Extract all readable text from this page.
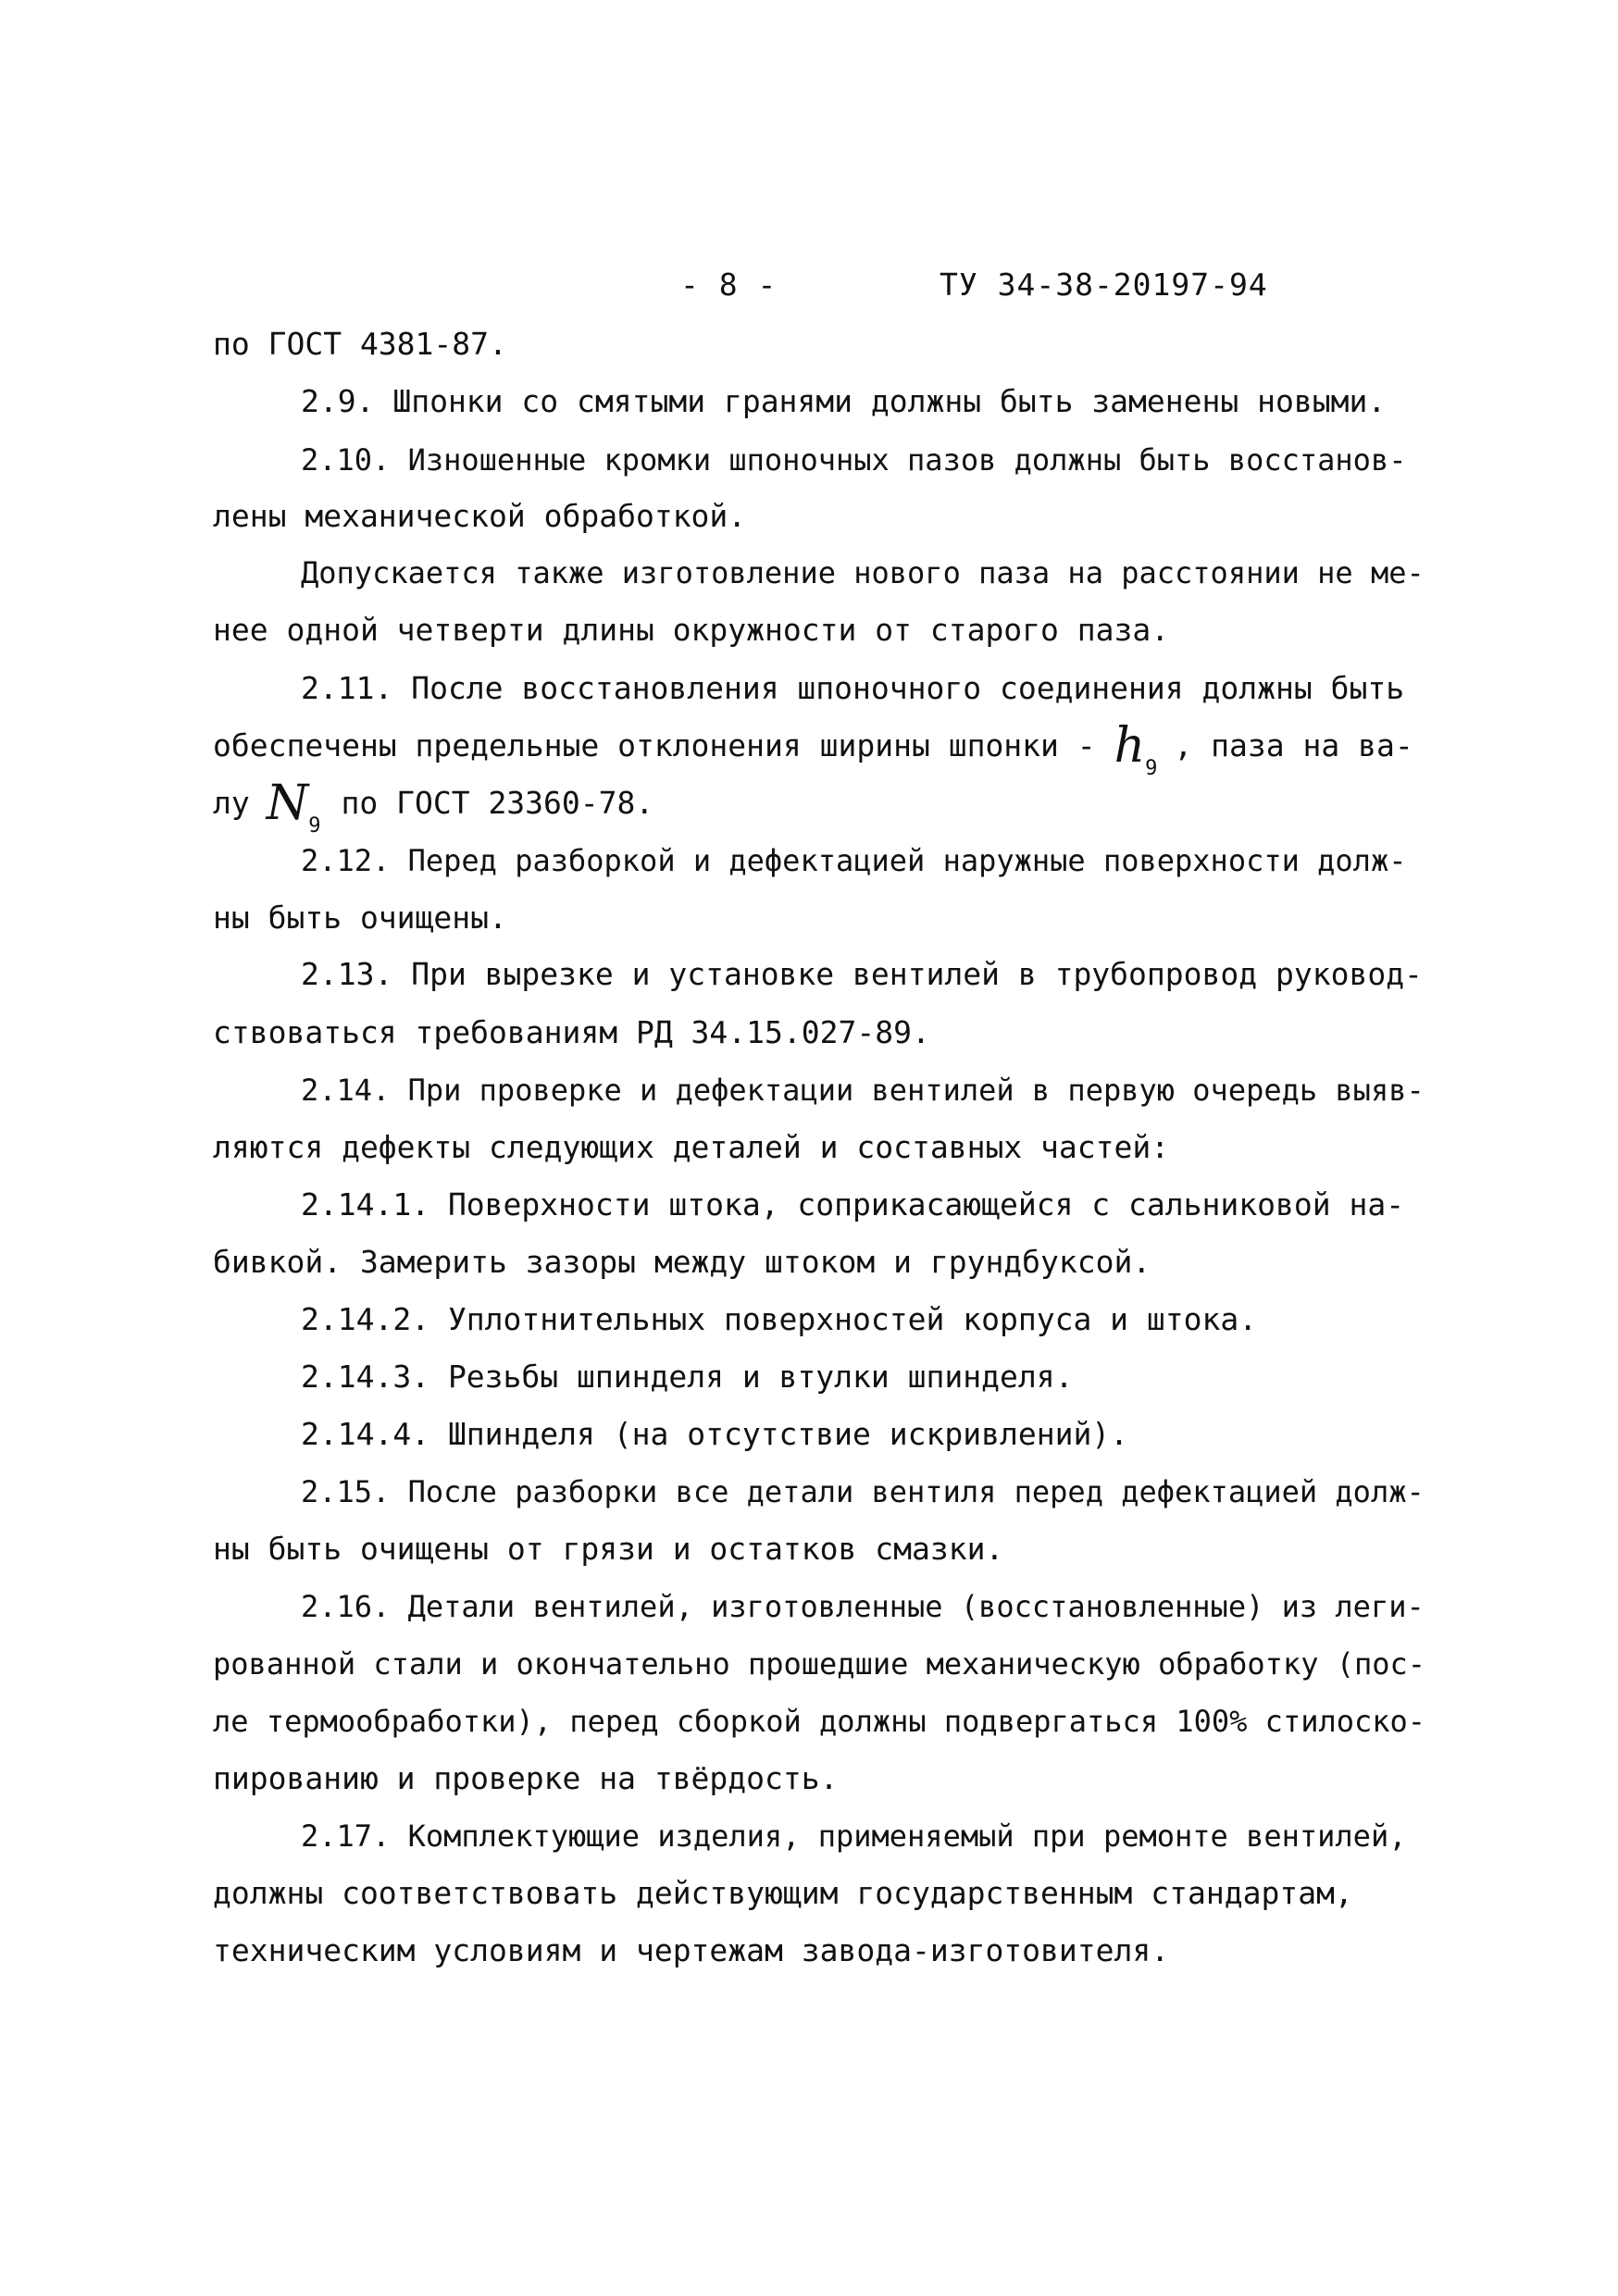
- 8 -	ТУ 34-38-20197-94
по ГОСТ 4381-87.
2.9. Шпонки со смятыми гранями должны быть заменены новыми.
2.10. Изношенные кромки шпоночных пазов должны быть восстанов-
лены механической обработкой.
Допускается также изготовление нового паза на расстоянии не ме-
нее одной четверти длины окружности от старого паза.
2.11. После восстановления шпоночного соединения должны быть
обеспечены предельные отклонения ширины шпонки - $h_9$
, паза на ва-
лу $N_9$
по ГОСТ 23360-78.
2.12. Перед разборкой и дефектацией наружные поверхности долж-
ны быть очищены.
2.13. При вырезке и установке вентилей в трубопровод руковод-
ствоваться требованиям РД 34.15.027-89.
2.14. При проверке и дефектации вентилей в первую очередь выяв-
ляются дефекты следующих деталей и составных частей:
2.14.1. Поверхности штока, соприкасающейся с сальниковой на-
бивкой. Замерить зазоры между штоком и грундбуксой.
2.14.2. Уплотнительных поверхностей корпуса и штока.
2.14.3. Резьбы шпинделя и втулки шпинделя.
2.14.4. Шпинделя (на отсутствие искривлений).
2.15. После разборки все детали вентиля перед дефектацией долж-
ны быть очищены от грязи и остатков смазки.
2.16. Детали вентилей, изготовленные (восстановленные) из леги-
рованной стали и окончательно прошедшие механическую обработку (пос-
ле термообработки), перед сборкой должны подвергаться 100% стилоско-
пированию и проверке на твёрдость.
2.17. Комплектующие изделия, применяемый при ремонте вентилей,
должны соответствовать действующим государственным стандартам,
техническим условиям и чертежам завода-изготовителя.
